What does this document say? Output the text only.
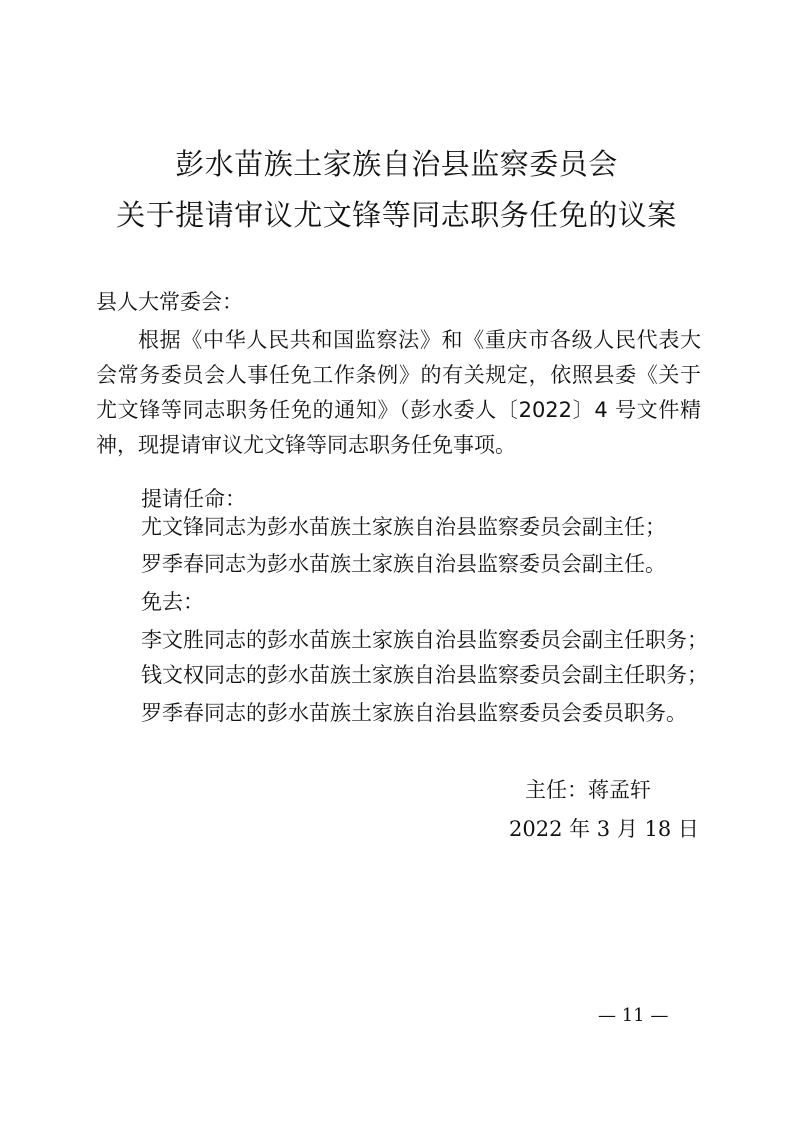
彭水苗族土家族自治县监察委员会
关于提请审议尤文锋等同志职务任免的议案
县人大常委会：
根据《中华人民共和国监察法》和《重庆市各级人民代表大会常务委员会人事任免工作条例》的有关规定，依照县委《关于尤文锋等同志职务任免的通知》（彭水委人〔2022〕4 号文件精神，现提请审议尤文锋等同志职务任免事项。
提请任命：
尤文锋同志为彭水苗族土家族自治县监察委员会副主任；
罗季春同志为彭水苗族土家族自治县监察委员会副主任。
免去：
李文胜同志的彭水苗族土家族自治县监察委员会副主任职务；
钱文权同志的彭水苗族土家族自治县监察委员会副主任职务；
罗季春同志的彭水苗族土家族自治县监察委员会委员职务。
主任：蒋孟轩
2022 年 3 月 18 日
— 11 —
